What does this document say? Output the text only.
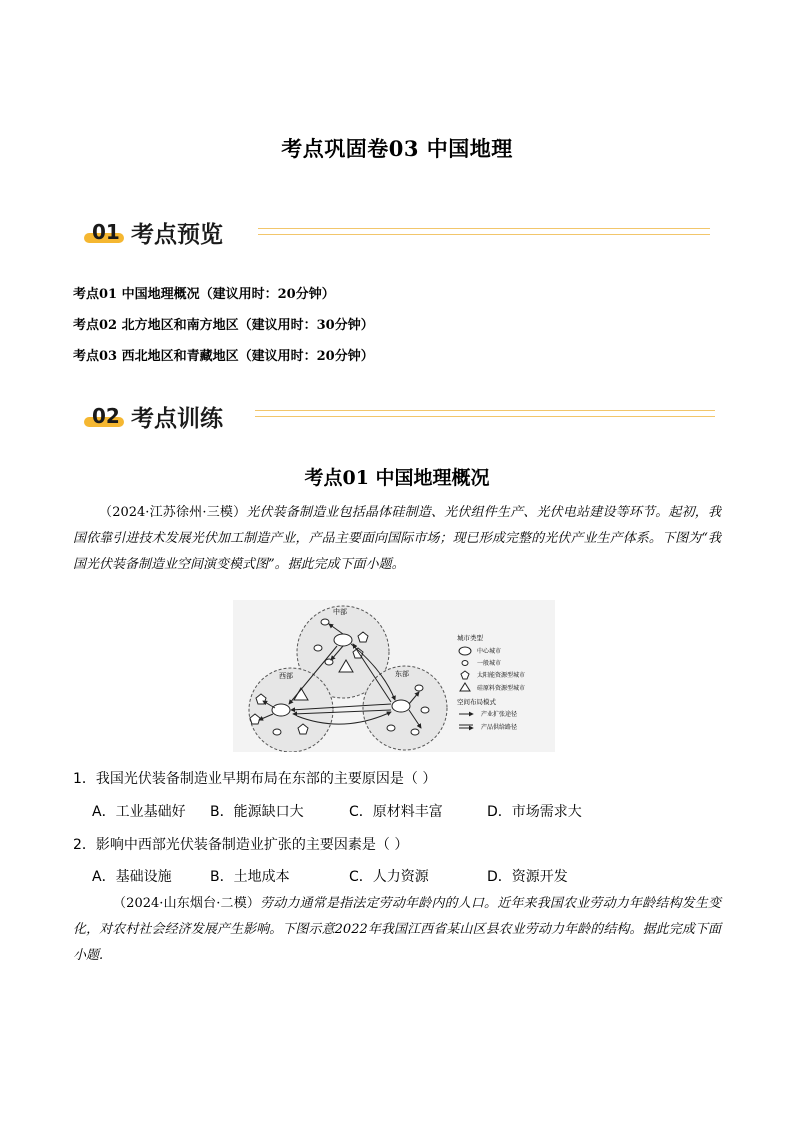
考点巩固卷03 中国地理
01 考点预览
考点01 中国地理概况（建议用时：20分钟）
考点02 北方地区和南方地区（建议用时：30分钟）
考点03 西北地区和青藏地区（建议用时：20分钟）
02 考点训练
考点01 中国地理概况
（2024·江苏徐州·三模）光伏装备制造业包括晶体硅制造、光伏组件生产、光伏电站建设等环节。起初，我国依靠引进技术发展光伏加工制造产业，产品主要面向国际市场；现已形成完整的光伏产业生产体系。下图为“我国光伏装备制造业空间演变模式图”。据此完成下面小题。
中部
西部	东部
城市类型
中心城市
一般城市
太阳能资源型城市
硅原料资源型城市
空间布局模式
产业扩张途径
产品供给路径
1．我国光伏装备制造业早期布局在东部的主要原因是（ ）
A．工业基础好 B．能源缺口大	C．原材料丰富	D．市场需求大
2．影响中西部光伏装备制造业扩张的主要因素是（ ）
A．基础设施	B．土地成本	C．人力资源	D．资源开发
（2024·山东烟台·二模）劳动力通常是指法定劳动年龄内的人口。近年来我国农业劳动力年龄结构发生变化，对农村社会经济发展产生影响。下图示意2022年我国江西省某山区县农业劳动力年龄的结构。据此完成下面小题.
